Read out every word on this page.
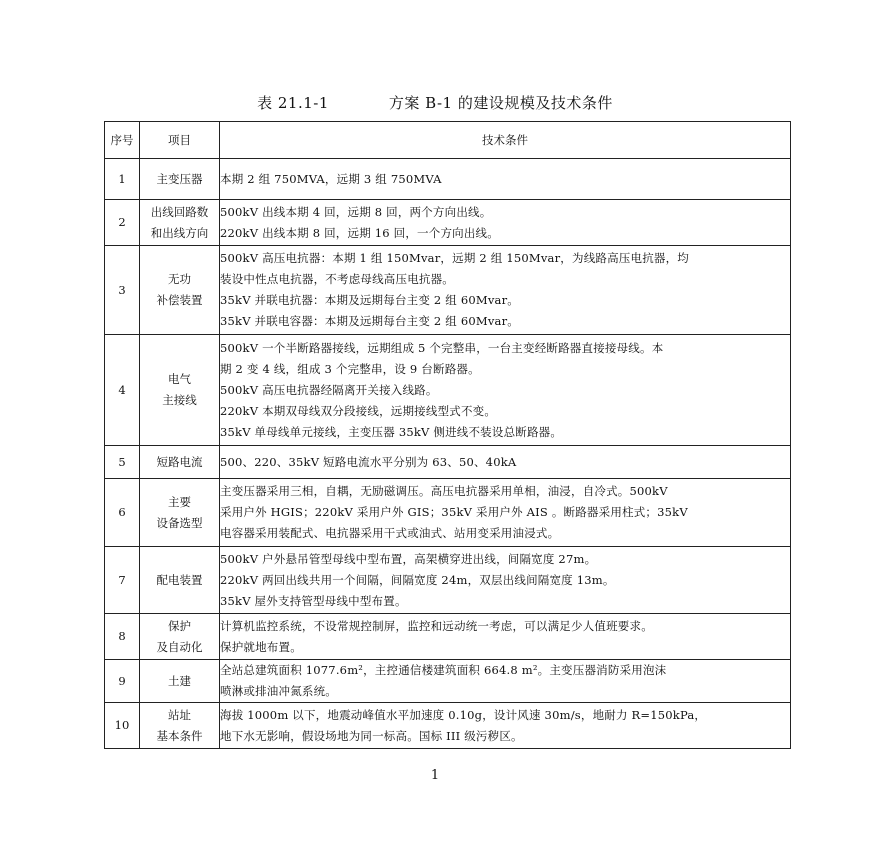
表 21.1-1	方案 B-1 的建设规模及技术条件
序号	项目	技术条件
1	主变压器	本期 2 组 750MVA，远期 3 组 750MVA

2	出线回路数
和出线方向	500kV 出线本期 4 回，远期 8 回，两个方向出线。
220kV 出线本期 8 回，远期 16 回，一个方向出线。

3	无功
补偿装置	500kV 高压电抗器：本期 1 组 150Mvar，远期 2 组 150Mvar，为线路高压电抗器，均
装设中性点电抗器，不考虑母线高压电抗器。
35kV 并联电抗器：本期及远期每台主变 2 组 60Mvar。
35kV 并联电容器：本期及远期每台主变 2 组 60Mvar。

4	电气
主接线	500kV 一个半断路器接线，远期组成 5 个完整串，一台主变经断路器直接接母线。本
期 2 变 4 线，组成 3 个完整串，设 9 台断路器。
500kV 高压电抗器经隔离开关接入线路。
220kV 本期双母线双分段接线，远期接线型式不变。
35kV 单母线单元接线，主变压器 35kV 侧进线不装设总断路器。

5	短路电流	500、220、35kV 短路电流水平分别为 63、50、40kA

6	主要
设备选型	主变压器采用三相，自耦，无励磁调压。高压电抗器采用单相，油浸，自冷式。500kV
采用户外 HGIS；220kV 采用户外 GIS；35kV 采用户外 AIS 。断路器采用柱式；35kV
电容器采用装配式、电抗器采用干式或油式、站用变采用油浸式。

7	配电装置	500kV 户外悬吊管型母线中型布置，高架横穿进出线，间隔宽度 27m。
220kV 两回出线共用一个间隔，间隔宽度 24m，双层出线间隔宽度 13m。
35kV 屋外支持管型母线中型布置。

8	保护
及自动化	计算机监控系统，不设常规控制屏，监控和远动统一考虑，可以满足少人值班要求。
保护就地布置。

9	土建	全站总建筑面积 1077.6m²，主控通信楼建筑面积 664.8 m²。主变压器消防采用泡沫
喷淋或排油冲氮系统。

10	站址
基本条件	海拔 1000m 以下，地震动峰值水平加速度 0.10g，设计风速 30m/s，地耐力 R=150kPa，
地下水无影响，假设场地为同一标高。国标 III 级污秽区。
1
